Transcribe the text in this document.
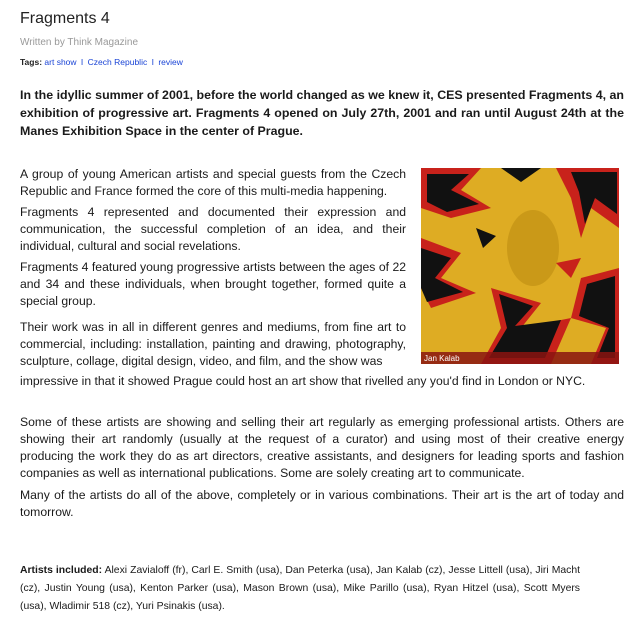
Fragments 4
Written by Think Magazine
Tags: art show I Czech Republic I review
In the idyllic summer of 2001, before the world changed as we knew it, CES presented Fragments 4, an exhibition of progressive art. Fragments 4 opened on July 27th, 2001 and ran until August 24th at the Manes Exhibition Space in the center of Prague.
A group of young American artists and special guests from the Czech Republic and France formed the core of this multi-media happening.
Fragments 4 represented and documented their expression and communication, the successful completion of an idea, and their individual, cultural and social revelations.
Fragments 4 featured young progressive artists between the ages of 22 and 34 and these individuals, when brought together, formed quite a special group.
Their work was in all in different genres and mediums, from fine art to commercial, including: installation, painting and drawing, photography, sculpture, collage, digital design, video, and film, and the show was
impressive in that it showed Prague could host an art show that rivelled any you'd find in London or NYC.
Jan Kalab
Some of these artists are showing and selling their art regularly as emerging professional artists. Others are showing their art randomly (usually at the request of a curator) and using most of their creative energy producing the work they do as art directors, creative assistants, and designers for leading sports and fashion companies as well as international publications. Some are solely creating art to communicate.
Many of the artists do all of the above, completely or in various combinations. Their art is the art of today and tomorrow.
Artists included: Alexi Zavialoff (fr), Carl E. Smith (usa), Dan Peterka (usa), Jan Kalab (cz), Jesse Littell (usa), Jiri Macht (cz), Justin Young (usa), Kenton Parker (usa), Mason Brown (usa), Mike Parillo (usa), Ryan Hitzel (usa), Scott Myers (usa), Wladimir 518 (cz), Yuri Psinakis (usa).
